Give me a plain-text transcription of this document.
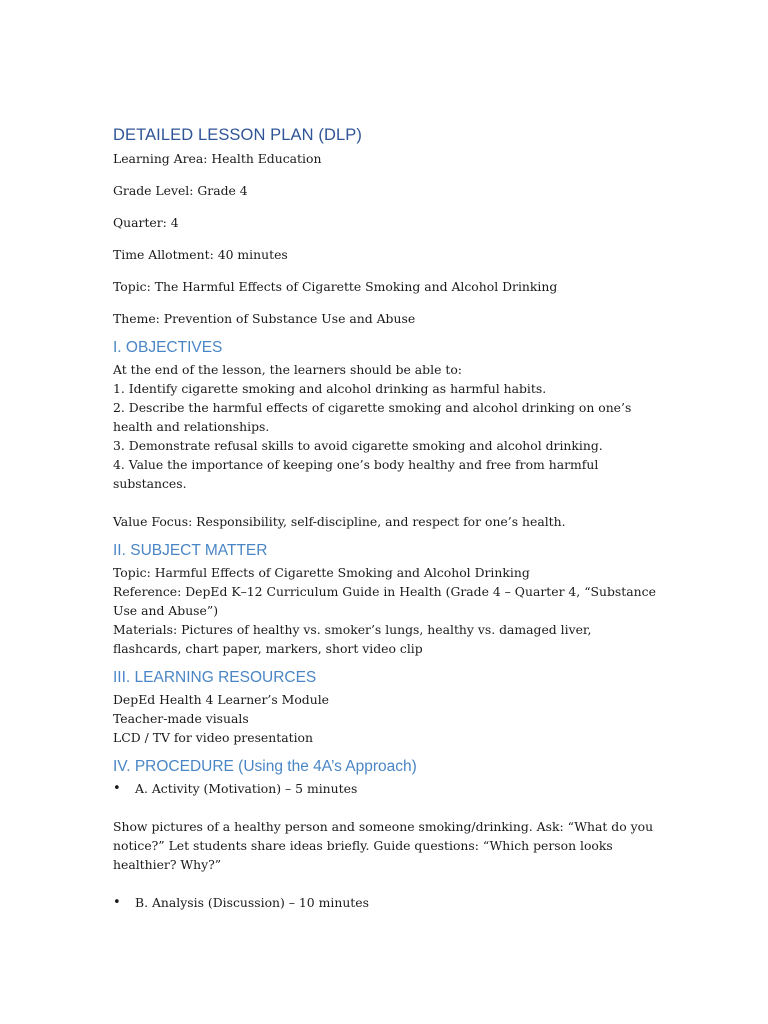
DETAILED LESSON PLAN (DLP)

Learning Area: Health Education

Grade Level: Grade 4

Quarter: 4

Time Allotment: 40 minutes

Topic: The Harmful Effects of Cigarette Smoking and Alcohol Drinking

Theme: Prevention of Substance Use and Abuse

I. OBJECTIVES

At the end of the lesson, the learners should be able to:

1. Identify cigarette smoking and alcohol drinking as harmful habits.

2. Describe the harmful effects of cigarette smoking and alcohol drinking on one’s health and relationships.

3. Demonstrate refusal skills to avoid cigarette smoking and alcohol drinking.

4. Value the importance of keeping one’s body healthy and free from harmful substances.

Value Focus: Responsibility, self-discipline, and respect for one’s health.

II. SUBJECT MATTER

Topic: Harmful Effects of Cigarette Smoking and Alcohol Drinking

Reference: DepEd K–12 Curriculum Guide in Health (Grade 4 – Quarter 4, “Substance Use and Abuse”)

Materials: Pictures of healthy vs. smoker’s lungs, healthy vs. damaged liver, flashcards, chart paper, markers, short video clip

III. LEARNING RESOURCES

DepEd Health 4 Learner’s Module

Teacher-made visuals

LCD / TV for video presentation

IV. PROCEDURE (Using the 4A’s Approach)

• A. Activity (Motivation) – 5 minutes

Show pictures of a healthy person and someone smoking/drinking. Ask: “What do you notice?” Let students share ideas briefly. Guide questions: “Which person looks healthier? Why?”

• B. Analysis (Discussion) – 10 minutes
